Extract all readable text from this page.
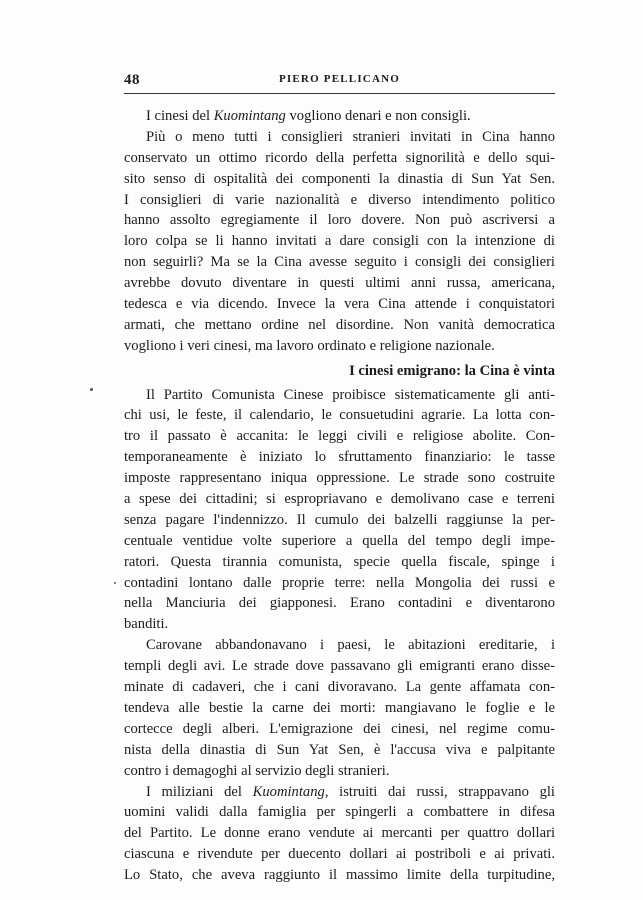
48	PIERO PELLICANO
I cinesi del Kuomintang vogliono denari e non consigli.
Più o meno tutti i consiglieri stranieri invitati in Cina hanno
conservato un ottimo ricordo della perfetta signorilità e dello squi-
sito senso di ospitalità dei componenti la dinastia di Sun Yat Sen.
I consiglieri di varie nazionalità e diverso intendimento politico
hanno assolto egregiamente il loro dovere. Non può ascriversi a
loro colpa se li hanno invitati a dare consigli con la intenzione di
non seguirli? Ma se la Cina avesse seguito i consigli dei consiglieri
avrebbe dovuto diventare in questi ultimi anni russa, americana,
tedesca e via dicendo. Invece la vera Cina attende i conquistatori
armati, che mettano ordine nel disordine. Non vanità democratica
vogliono i veri cinesi, ma lavoro ordinato e religione nazionale.
I cinesi emigrano: la Cina è vinta
Il Partito Comunista Cinese proibisce sistematicamente gli anti-
chi usi, le feste, il calendario, le consuetudini agrarie. La lotta con-
tro il passato è accanita: le leggi civili e religiose abolite. Con-
temporaneamente è iniziato lo sfruttamento finanziario: le tasse
imposte rappresentano iniqua oppressione. Le strade sono costruite
a spese dei cittadini; si espropriavano e demolivano case e terreni
senza pagare l'indennizzo. Il cumulo dei balzelli raggiunse la per-
centuale ventidue volte superiore a quella del tempo degli impe-
ratori. Questa tirannia comunista, specie quella fiscale, spinge i
contadini lontano dalle proprie terre: nella Mongolia dei russi e
nella Manciuria dei giapponesi. Erano contadini e diventarono
banditi.
Carovane abbandonavano i paesi, le abitazioni ereditarie, i
templi degli avi. Le strade dove passavano gli emigranti erano disse-
minate di cadaveri, che i cani divoravano. La gente affamata con-
tendeva alle bestie la carne dei morti: mangiavano le foglie e le
cortecce degli alberi. L'emigrazione dei cinesi, nel regime comu-
nista della dinastia di Sun Yat Sen, è l'accusa viva e palpitante
contro i demagoghi al servizio degli stranieri.
I miliziani del Kuomintang, istruiti dai russi, strappavano gli
uomini validi dalla famiglia per spingerli a combattere in difesa
del Partito. Le donne erano vendute ai mercanti per quattro dollari
ciascuna e rivendute per duecento dollari ai postriboli e ai privati.
Lo Stato, che aveva raggiunto il massimo limite della turpitudine,
